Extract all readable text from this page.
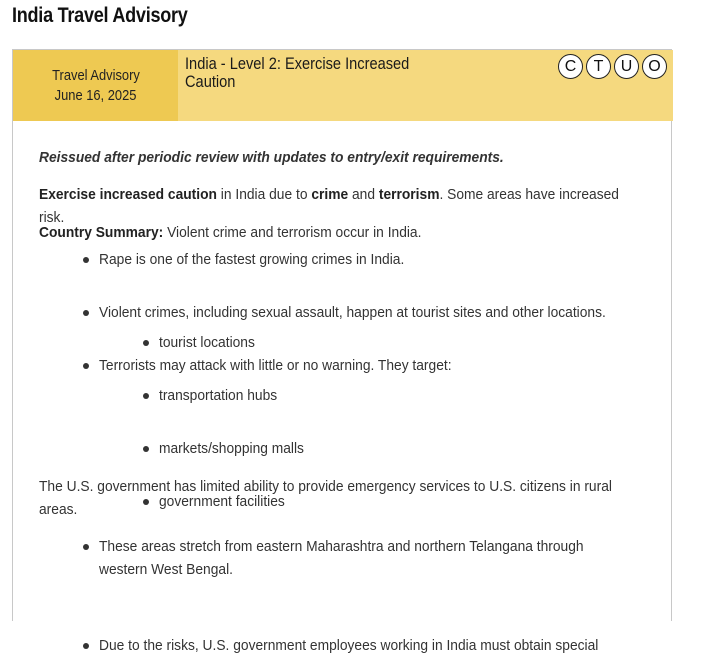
India Travel Advisory
Travel Advisory
June 16, 2025
India - Level 2: Exercise Increased Caution
C	T	U O

Reissued after periodic review with updates to entry/exit requirements.

Exercise increased caution in India due to crime and terrorism. Some areas have increased risk.

Country Summary: Violent crime and terrorism occur in India.

Rape is one of the fastest growing crimes in India.
Violent crimes, including sexual assault, happen at tourist sites and other locations.
Terrorists may attack with little or no warning. They target:
tourist locations
transportation hubs
markets/shopping malls
government facilities

The U.S. government has limited ability to provide emergency services to U.S. citizens in rural areas.

These areas stretch from eastern Maharashtra and northern Telangana through western West Bengal.
Due to the risks, U.S. government employees working in India must obtain special
